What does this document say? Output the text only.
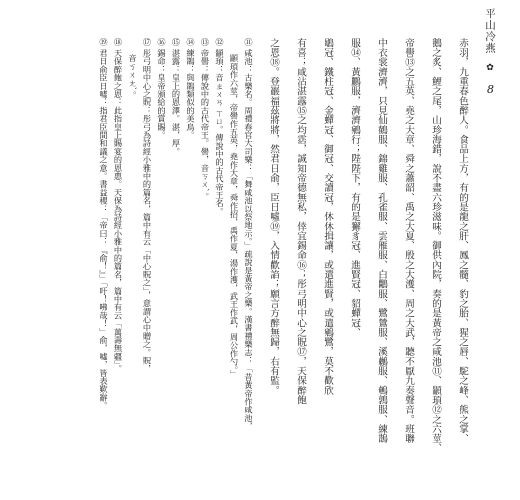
平山冷燕 ✿ 8
赤羽，九重春色醉人。食品上方，有的是龍之肝、鳳之髓、豹之胎、猩之唇、駝之峰、熊之掌、
鵝之炙、鯉之尾，山珍海錯，說不盡六珍滋味。御供內院，奏的是黃帝之咸池⑪、顓頊⑫之六莖、
帝嚳⑬之五英、堯之大章、舜之蕭韶、禹之大夏、殷之大濩、周之大武，聽不厭九奏聲音。班聯
中衣裳濟濟，只見仙鶴服、錦雞服、孔雀服、雲雁服、白鷴服、鷺鷥服、溪鶒服、鵪鶉服、練鵲
服⑭、黃鸝服，濟濟鵷行；陛陛下，有的是獬豸冠、進賢冠、貂蟬冠、
鶡冠、鐵柱冠、金蟬冠、御冠、交讀冠，休休揖讓，或遣進賢，或遣鵷鷺，莫不歡欣
有喜；咸沾湛露⑮之均霑，誠知帝德無私，倖宜錫命⑯；彤弓明中心之貺⑰，天保醉飽
之恩⑱。登巖福茲將將，然君日俞，臣日噓⑲，入情歡諂；願言方醉無歸，右有監。
⑪ 咸池：古樂名。周禮春官大司樂：「舞咸池以祭地示。」疏說是黃帝之樂。漢書禮樂志：「昔黃帝作咸池，
顓頊作六莖，帝嚳作五英，堯作大章，舜作招，禹作夏，湯作濩，武王作武，周公作勺。」
⑫ 顓頊：音ㄓㄨㄢ ㄒㄩ。傳說中的古代帝王名。
⑬ 帝嚳：傳說中的古代帝王。嚳，音ㄎㄨˋ。
⑭ 練鵲：與鵲類似的美鳥。
⑮ 湛露：皇上的恩澤。湛，厚。
⑯ 錫命：皇帝頒給的賞賜。
⑰ 彤弓明中心之貺：彤弓為詩經小雅中的篇名，篇中有云「中心貺之」，意謂心中贈之。貺，
音ㄎㄨㄤˋ。
⑱ 天保醉飽之恩：此指皇上賜宴的恩惠。天保為詩經小雅中的篇名，篇中有云「萬壽無疆」。
⑲ 君日俞臣日噓：指君臣間和議之意。書益稷：「帝曰：『俞！』」「吁！咈哉！」俞，噓，皆表歎辭。
